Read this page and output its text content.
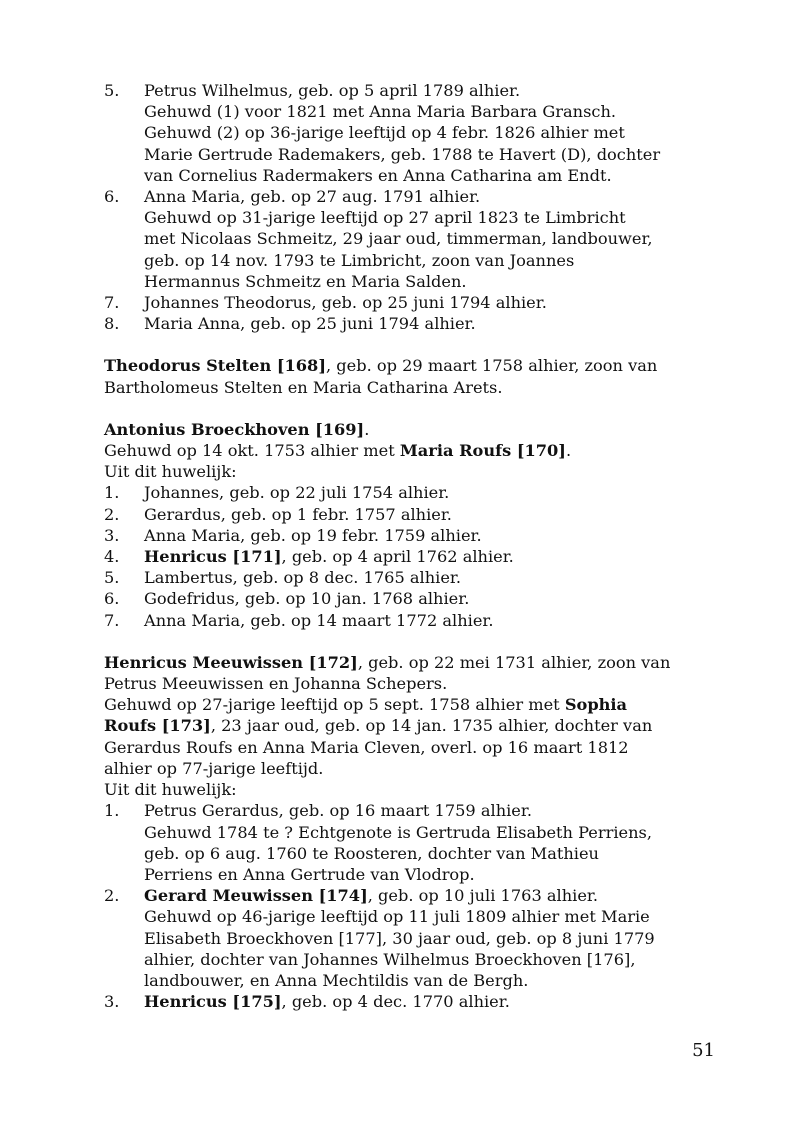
5.	Petrus Wilhelmus, geb. op 5 april 1789 alhier.
Gehuwd (1) voor 1821 met Anna Maria Barbara Gransch.
Gehuwd (2) op 36-jarige leeftijd op 4 febr. 1826 alhier met
Marie Gertrude Rademakers, geb. 1788 te Havert (D), dochter
van Cornelius Radermakers en Anna Catharina am Endt.
6.	Anna Maria, geb. op 27 aug. 1791 alhier.
Gehuwd op 31-jarige leeftijd op 27 april 1823 te Limbricht
met Nicolaas Schmeitz, 29 jaar oud, timmerman, landbouwer,
geb. op 14 nov. 1793 te Limbricht, zoon van Joannes
Hermannus Schmeitz en Maria Salden.
7.	Johannes Theodorus, geb. op 25 juni 1794 alhier.
8.	Maria Anna, geb. op 25 juni 1794 alhier.
Theodorus Stelten [168], geb. op 29 maart 1758 alhier, zoon van
Bartholomeus Stelten en Maria Catharina Arets.
Antonius Broeckhoven [169].
Gehuwd op 14 okt. 1753 alhier met Maria Roufs [170].
Uit dit huwelijk:
1.	Johannes, geb. op 22 juli 1754 alhier.
2.	Gerardus, geb. op 1 febr. 1757 alhier.
3.	Anna Maria, geb. op 19 febr. 1759 alhier.
4.	Henricus [171], geb. op 4 april 1762 alhier.
5.	Lambertus, geb. op 8 dec. 1765 alhier.
6.	Godefridus, geb. op 10 jan. 1768 alhier.
7.	Anna Maria, geb. op 14 maart 1772 alhier.
Henricus Meeuwissen [172], geb. op 22 mei 1731 alhier, zoon van
Petrus Meeuwissen en Johanna Schepers.
Gehuwd op 27-jarige leeftijd op 5 sept. 1758 alhier met Sophia
Roufs [173], 23 jaar oud, geb. op 14 jan. 1735 alhier, dochter van
Gerardus Roufs en Anna Maria Cleven, overl. op 16 maart 1812
alhier op 77-jarige leeftijd.
Uit dit huwelijk:
1.	Petrus Gerardus, geb. op 16 maart 1759 alhier.
Gehuwd 1784 te ? Echtgenote is Gertruda Elisabeth Perriens,
geb. op 6 aug. 1760 te Roosteren, dochter van Mathieu
Perriens en Anna Gertrude van Vlodrop.
2.	Gerard Meuwissen [174], geb. op 10 juli 1763 alhier.
Gehuwd op 46-jarige leeftijd op 11 juli 1809 alhier met Marie
Elisabeth Broeckhoven [177], 30 jaar oud, geb. op 8 juni 1779
alhier, dochter van Johannes Wilhelmus Broeckhoven [176],
landbouwer, en Anna Mechtildis van de Bergh.
3.	Henricus [175], geb. op 4 dec. 1770 alhier.
51
